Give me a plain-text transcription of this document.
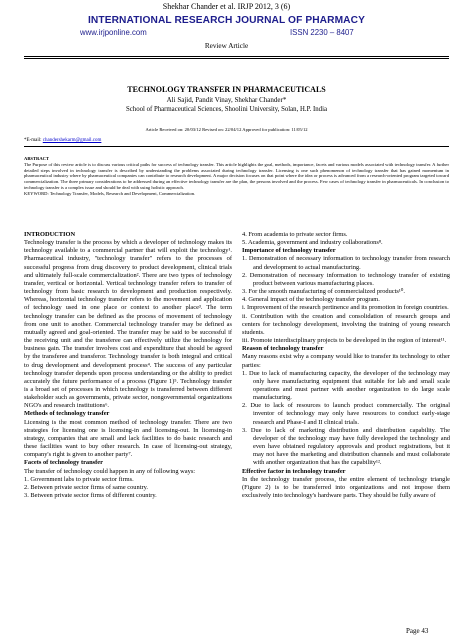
Shekhar Chander et al. IRJP 2012, 3 (6)
INTERNATIONAL RESEARCH JOURNAL OF PHARMACY
www.irjponline.com	ISSN 2230 – 8407
Review Article
TECHNOLOGY TRANSFER IN PHARMACEUTICALS
Ali Sajid, Pandit Vinay, Shekhar Chander*
School of Pharmaceutical Sciences, Shoolini University, Solan, H.P. India
Article Received on: 20/03/12 Revised on: 22/04/12 Approved for publication: 11/05/12
*E-mail: chandershekarm@gmail.com
ABSTRACT
The Purpose of this review article is to discuss various critical paths for success of technology transfer. This article highlights the goal, methods, importance, facets and various models associated with technology transfer. A further detailed steps involved in technology transfer is described by understanding the problems associated during technology transfer. Licensing is one such phenomenon of technology transfer that has gained momentum in pharmaceutical industry where by pharmaceutical companies can contribute to research development. A major decision focuses on that point where the idea or process is advanced from a research-oriented program targeted toward commercialization. The three primary considerations to be addressed during an effective technology transfer are the plan, the persons involved and the process. Few cases of technology transfer in pharmaceuticals. In conclusion to technology transfer is a complex issue and should be deal with using holistic approach.
KEYWORD: Technology Transfer, Models, Research and Development, Commercialization.
INTRODUCTION

Technology transfer is the process by which a developer of technology makes its technology available to a commercial partner that will exploit the technology¹. Pharmaceutical industry, "technology transfer" refers to the processes of successful progress from drug discovery to product development, clinical trials and ultimately full-scale commercialization². There are two types of technology transfer, vertical or horizontal. Vertical technology transfer refers to transfer of technology from basic research to development and production respectively. Whereas, horizontal technology transfer refers to the movement and application of technology used in one place or context to another place³. The term technology transfer can be defined as the process of movement of technology from one unit to another. Commercial technology transfer may be defined as mutually agreed and goal-oriented. The transfer may be said to be successful if the receiving unit and the transferee can effectively utilize the technology for business gain. The transfer involves cost and expenditure that should be agreed by the transferee and transferor. Technology transfer is both integral and critical to drug development and development process⁴. The success of any particular technology transfer depends upon process understanding or the ability to predict accurately the future performance of a process (Figure 1)⁵. Technology transfer is a broad set of processes in which technology is transferred between different stakeholder such as governments, private sector, nongovernmental organizations NGO's and research institutions⁶.

Methods of technology transfer

Licensing is the most common method of technology transfer. There are two strategies for licensing one is licensing-in and licensing-out. In licensing-in strategy, companies that are small and lack facilities to do basic research and these facilities want to buy other research. In case of licensing-out strategy, company's right is given to another party⁷.

Facets of technology transfer

The transfer of technology could happen in any of following ways:

1. Government labs to private sector firms.
2. Between private sector firms of same country.
3. Between private sector firms of different country.
4. From academia to private sector firms.
5. Academia, government and industry collaborations⁸.
Importance of technology transfer
1. Demonstration of necessary information to technology transfer from research and development to actual manufacturing.
2. Demonstration of necessary information to technology transfer of existing product between various manufacturing places.
3. For the smooth manufacturing of commercialized products¹⁰.
4. General impact of the technology transfer program.
i. Improvement of the research pertinence and its promotion in foreign countries.
ii. Contribution with the creation and consolidation of research groups and centers for technology development, involving the training of young research students.
iii. Promote interdisciplinary projects to be developed in the region of interest¹¹.
Reason of technology transfer

Many reasons exist why a company would like to transfer its technology to other parties:

1. Due to lack of manufacturing capacity, the developer of the technology may only have manufacturing equipment that suitable for lab and small scale operations and must partner with another organization to do large scale manufacturing.
2. Due to lack of resources to launch product commercially. The original inventor of technology may only have resources to conduct early-stage research and Phase-I and II clinical trials.
3. Due to lack of marketing distribution and distribution capability. The developer of the technology may have fully developed the technology and even have obtained regulatory approvals and product registrations, but it may not have the marketing and distribution channels and must collaborate with another organization that has the capability¹².
Effective factor in technology transfer

In the technology transfer process, the entire element of technology triangle (Figure 2) is to be transferred into organizations and not impose them exclusively into technology's hardware parts. They should be fully aware of

Page 43
